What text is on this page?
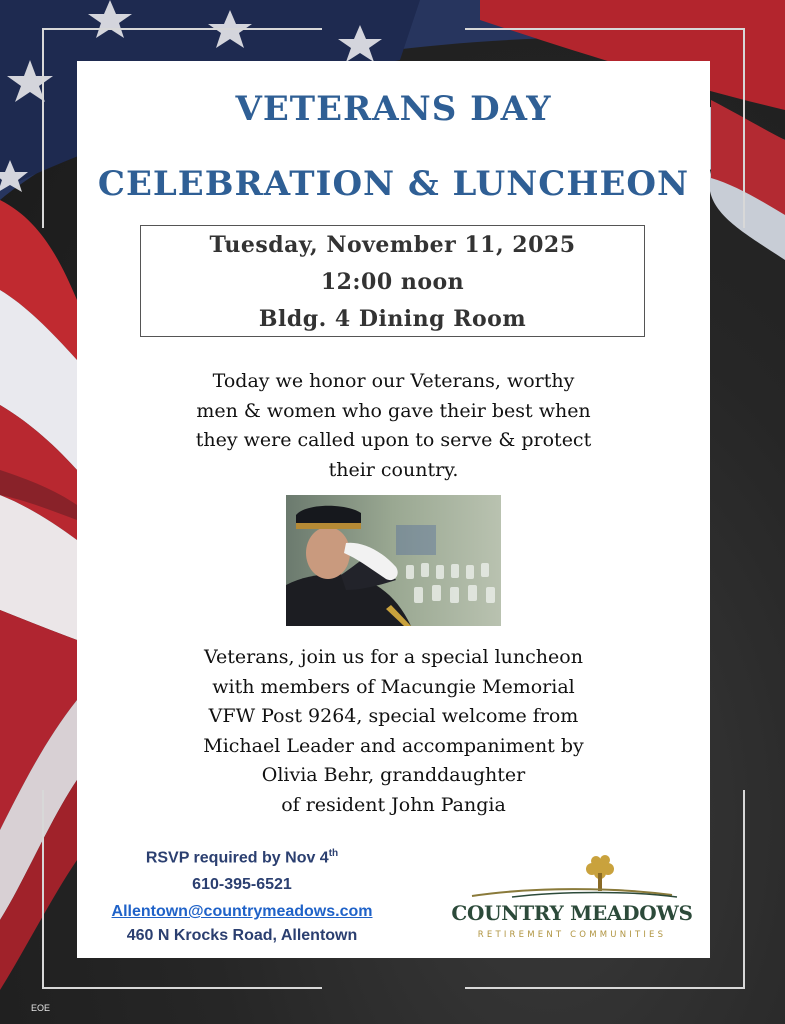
VETERANS DAY
CELEBRATION & LUNCHEON
Tuesday, November 11, 2025
12:00 noon
Bldg. 4 Dining Room
Today we honor our Veterans, worthy
men & women who gave their best when
they were called upon to serve & protect
their country.
Veterans, join us for a special luncheon
with members of Macungie Memorial
VFW Post 9264, special welcome from
Michael Leader and accompaniment by
Olivia Behr, granddaughter
of resident John Pangia
RSVP required by Nov 4th
610-395-6521
Allentown@countrymeadows.com
460 N Krocks Road, Allentown
COUNTRY MEADOWS
RETIREMENT COMMUNITIES
EOE
